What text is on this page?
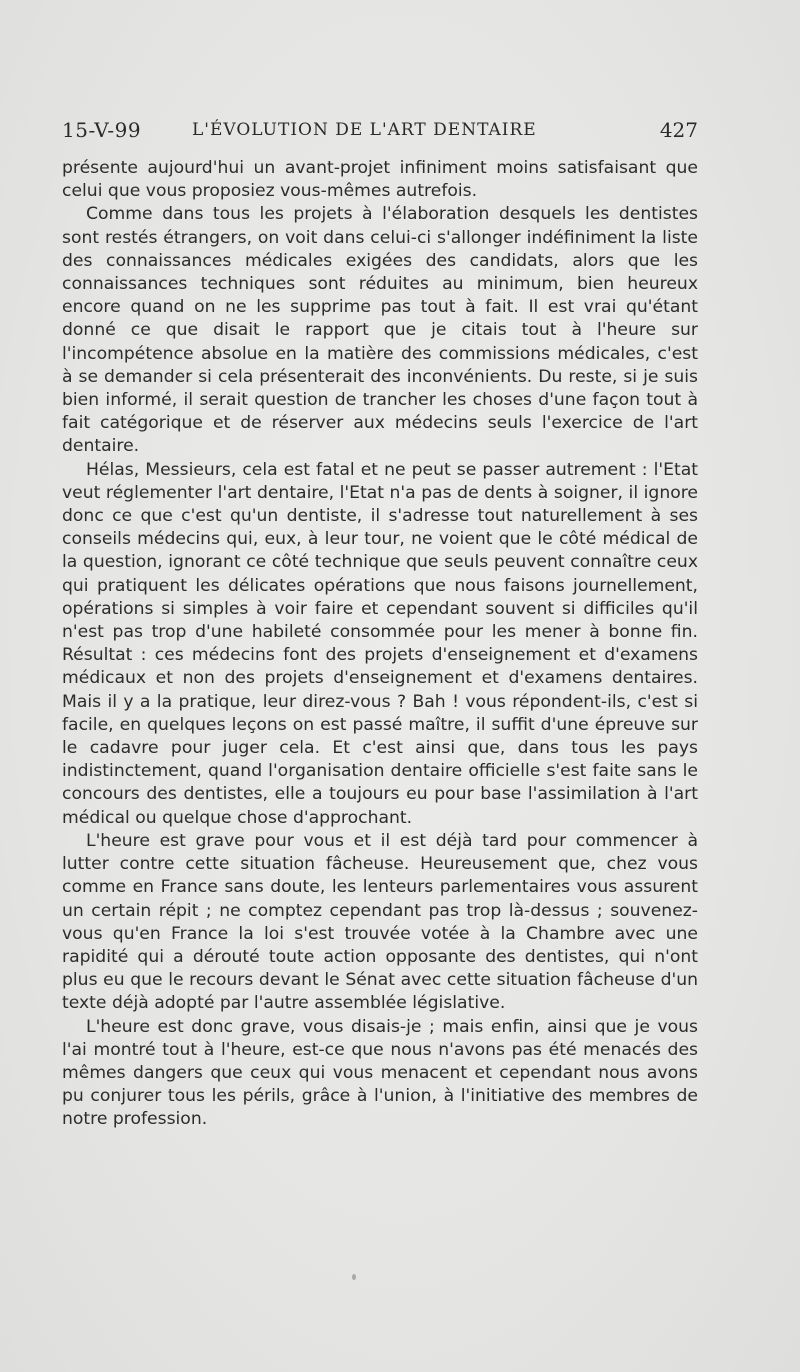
15-V-99	L'ÉVOLUTION DE L'ART DENTAIRE	427

présente aujourd'hui un avant-projet infiniment moins satisfaisant que celui que vous proposiez vous-mêmes autrefois.

Comme dans tous les projets à l'élaboration desquels les dentistes sont restés étrangers, on voit dans celui-ci s'allonger indéfiniment la liste des connaissances médicales exigées des candidats, alors que les connaissances techniques sont réduites au minimum, bien heureux encore quand on ne les supprime pas tout à fait. Il est vrai qu'étant donné ce que disait le rapport que je citais tout à l'heure sur l'incompétence absolue en la matière des commissions médicales, c'est à se demander si cela présenterait des inconvénients. Du reste, si je suis bien informé, il serait question de trancher les choses d'une façon tout à fait catégorique et de réserver aux médecins seuls l'exercice de l'art dentaire.

Hélas, Messieurs, cela est fatal et ne peut se passer autrement : l'Etat veut réglementer l'art dentaire, l'Etat n'a pas de dents à soigner, il ignore donc ce que c'est qu'un dentiste, il s'adresse tout naturellement à ses conseils médecins qui, eux, à leur tour, ne voient que le côté médical de la question, ignorant ce côté technique que seuls peuvent connaître ceux qui pratiquent les délicates opérations que nous faisons journellement, opérations si simples à voir faire et cependant souvent si difficiles qu'il n'est pas trop d'une habileté consommée pour les mener à bonne fin. Résultat : ces médecins font des projets d'enseignement et d'examens médicaux et non des projets d'enseignement et d'examens dentaires. Mais il y a la pratique, leur direz-vous ? Bah ! vous répondent-ils, c'est si facile, en quelques leçons on est passé maître, il suffit d'une épreuve sur le cadavre pour juger cela. Et c'est ainsi que, dans tous les pays indistinctement, quand l'organisation dentaire officielle s'est faite sans le concours des dentistes, elle a toujours eu pour base l'assimilation à l'art médical ou quelque chose d'approchant.

L'heure est grave pour vous et il est déjà tard pour commencer à lutter contre cette situation fâcheuse. Heureusement que, chez vous comme en France sans doute, les lenteurs parlementaires vous assurent un certain répit ; ne comptez cependant pas trop là-dessus ; souvenez-vous qu'en France la loi s'est trouvée votée à la Chambre avec une rapidité qui a dérouté toute action opposante des dentistes, qui n'ont plus eu que le recours devant le Sénat avec cette situation fâcheuse d'un texte déjà adopté par l'autre assemblée législative.

L'heure est donc grave, vous disais-je ; mais enfin, ainsi que je vous l'ai montré tout à l'heure, est-ce que nous n'avons pas été menacés des mêmes dangers que ceux qui vous menacent et cependant nous avons pu conjurer tous les périls, grâce à l'union, à l'initiative des membres de notre profession.
